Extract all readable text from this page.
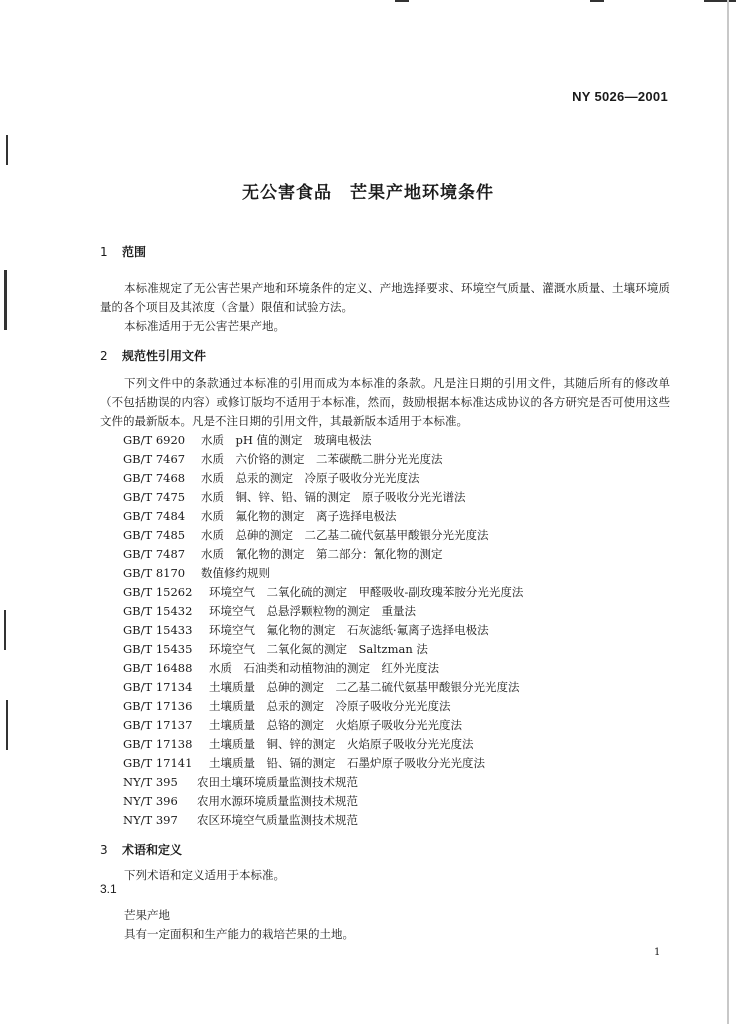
NY 5026—2001
无公害食品　芒果产地环境条件
1 范围
本标准规定了无公害芒果产地和环境条件的定义、产地选择要求、环境空气质量、灌溉水质量、土壤环境质量的各个项目及其浓度（含量）限值和试验方法。
本标准适用于无公害芒果产地。
2 规范性引用文件
下列文件中的条款通过本标准的引用而成为本标准的条款。凡是注日期的引用文件，其随后所有的修改单（不包括勘误的内容）或修订版均不适用于本标准，然而，鼓励根据本标准达成协议的各方研究是否可使用这些文件的最新版本。凡是不注日期的引用文件，其最新版本适用于本标准。
GB/T 6920 水质　pH 值的测定　玻璃电极法
GB/T 7467 水质　六价铬的测定　二苯碳酰二肼分光光度法
GB/T 7468 水质　总汞的测定　冷原子吸收分光光度法
GB/T 7475 水质　铜、锌、铅、镉的测定　原子吸收分光光谱法
GB/T 7484 水质　氟化物的测定　离子选择电极法
GB/T 7485 水质　总砷的测定　二乙基二硫代氨基甲酸银分光光度法
GB/T 7487 水质　氰化物的测定　第二部分：氰化物的测定
GB/T 8170 数值修约规则
GB/T 15262 环境空气　二氧化硫的测定　甲醛吸收-副玫瑰苯胺分光光度法
GB/T 15432 环境空气　总悬浮颗粒物的测定　重量法
GB/T 15433 环境空气　氟化物的测定　石灰滤纸·氟离子选择电极法
GB/T 15435 环境空气　二氧化氮的测定　Saltzman 法
GB/T 16488 水质　石油类和动植物油的测定　红外光度法
GB/T 17134 土壤质量　总砷的测定　二乙基二硫代氨基甲酸银分光光度法
GB/T 17136 土壤质量　总汞的测定　冷原子吸收分光光度法
GB/T 17137 土壤质量　总铬的测定　火焰原子吸收分光光度法
GB/T 17138 土壤质量　铜、锌的测定　火焰原子吸收分光光度法
GB/T 17141 土壤质量　铅、镉的测定　石墨炉原子吸收分光光度法
NY/T 395 农田土壤环境质量监测技术规范
NY/T 396 农用水源环境质量监测技术规范
NY/T 397 农区环境空气质量监测技术规范
3 术语和定义
下列术语和定义适用于本标准。
3.1
芒果产地
具有一定面积和生产能力的栽培芒果的土地。
1
